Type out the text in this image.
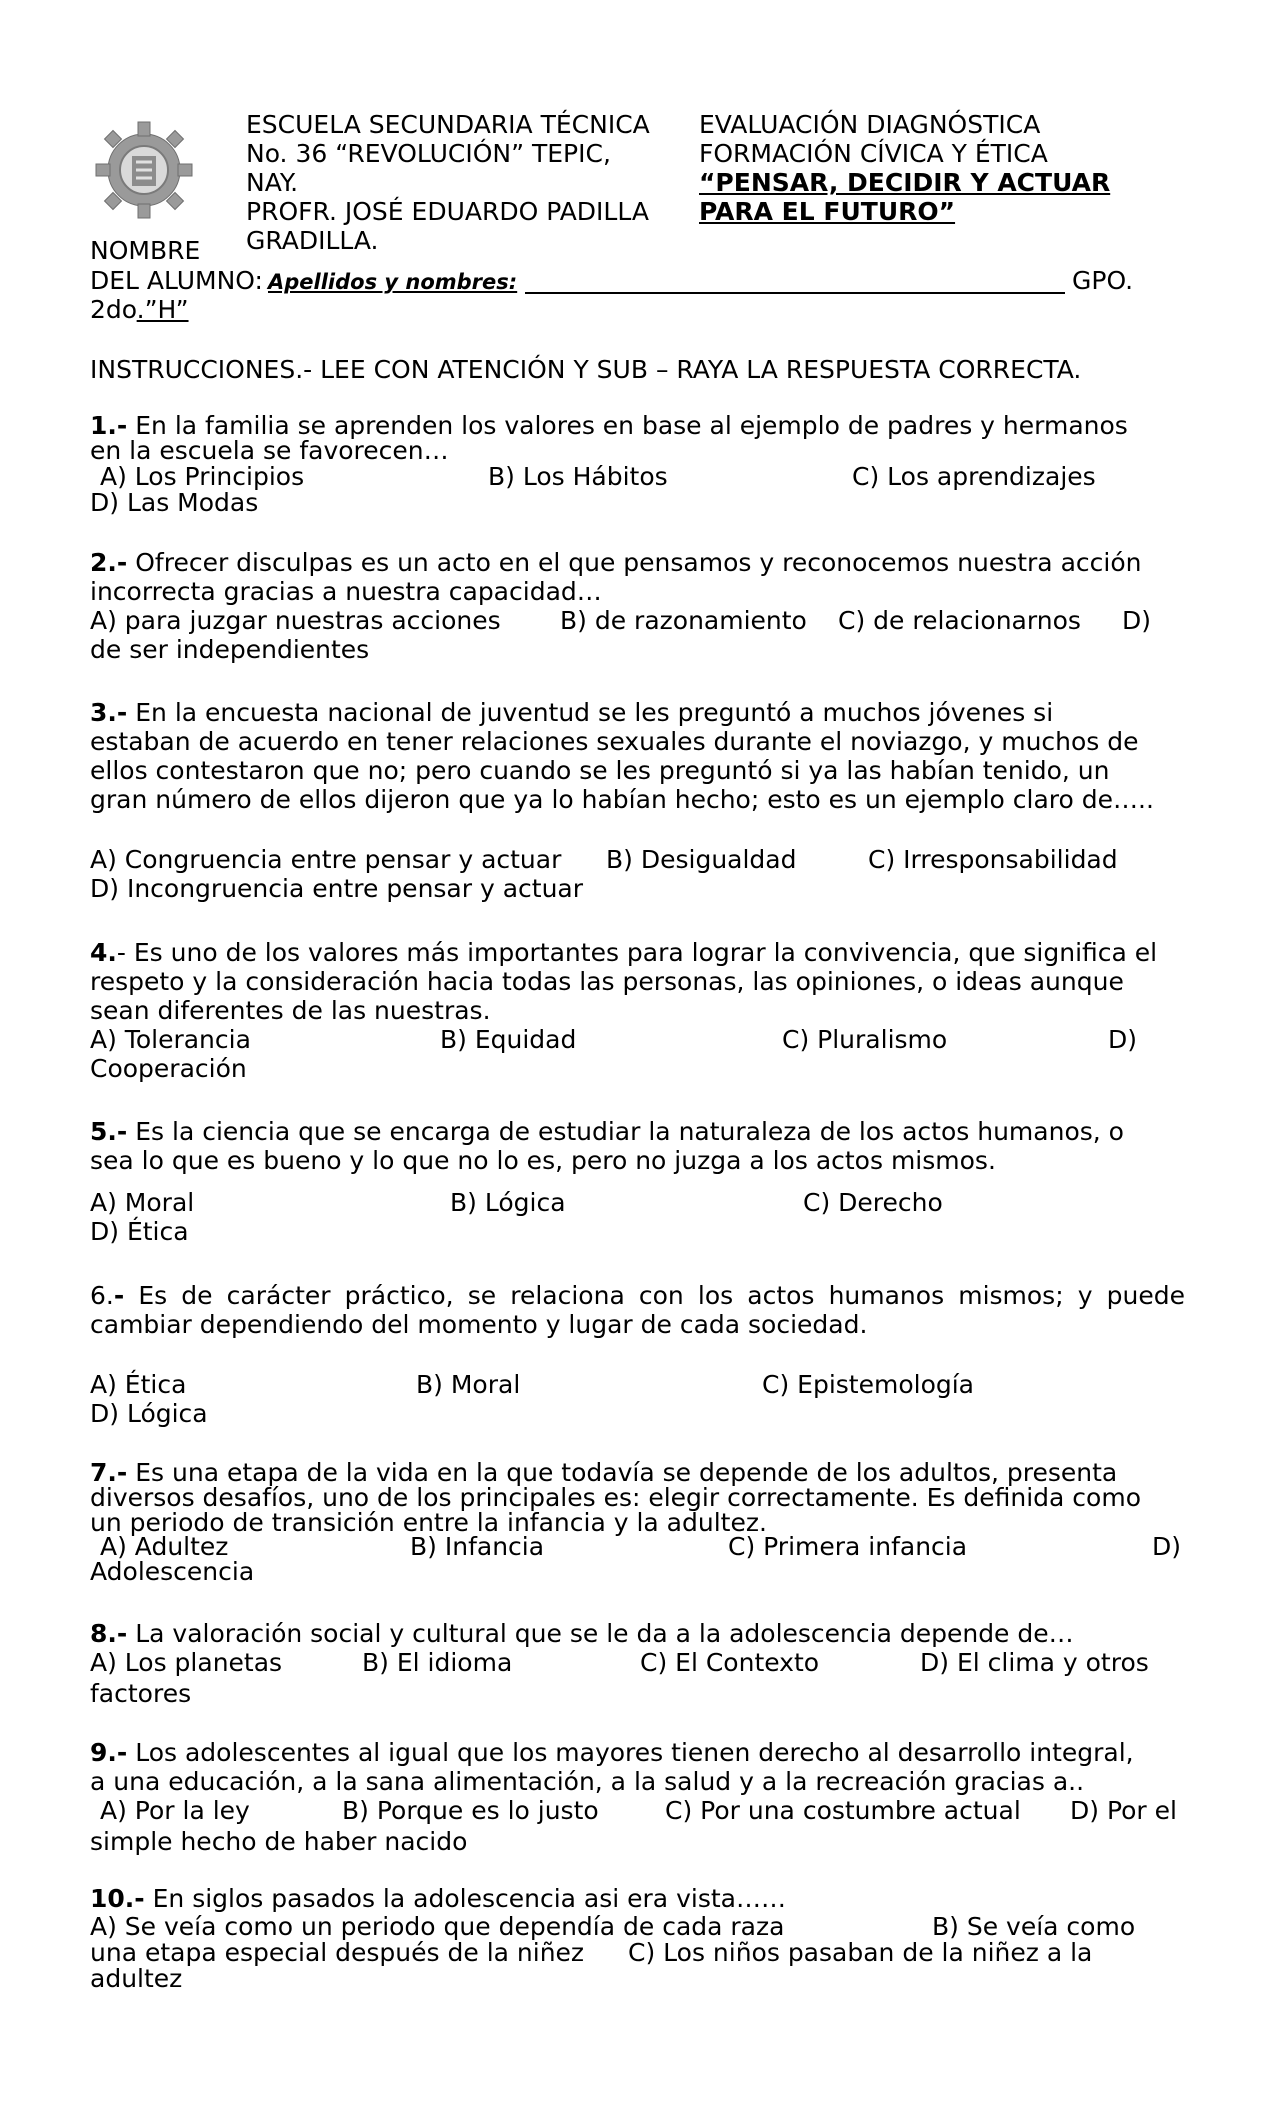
ESCUELA SECUNDARIA TÉCNICA
No. 36 “REVOLUCIÓN” TEPIC,
NAY.
PROFR. JOSÉ EDUARDO PADILLA
GRADILLA.
EVALUACIÓN DIAGNÓSTICA
FORMACIÓN CÍVICA Y ÉTICA
“PENSAR, DECIDIR Y ACTUAR
PARA EL FUTURO”
NOMBRE
DEL ALUMNO: Apellidos y nombres:	GPO.
2do.”H”
INSTRUCCIONES.- LEE CON ATENCIÓN Y SUB – RAYA LA RESPUESTA CORRECTA.

1.- En la familia se aprenden los valores en base al ejemplo de padres y hermanos

en la escuela se favorecen…

A) Los Principios	B) Los Hábitos	C) Los aprendizajes
D) Las Modas

2.- Ofrecer disculpas es un acto en el que pensamos y reconocemos nuestra acción

incorrecta gracias a nuestra capacidad…

A) para juzgar nuestras acciones B) de razonamiento C) de relacionarnos D)
de ser independientes

3.- En la encuesta nacional de juventud se les preguntó a muchos jóvenes si

estaban de acuerdo en tener relaciones sexuales durante el noviazgo, y muchos de

ellos contestaron que no; pero cuando se les preguntó si ya las habían tenido, un

gran número de ellos dijeron que ya lo habían hecho; esto es un ejemplo claro de…..

A) Congruencia entre pensar y actuar B) Desigualdad	C) Irresponsabilidad
D) Incongruencia entre pensar y actuar

4.- Es uno de los valores más importantes para lograr la convivencia, que significa el

respeto y la consideración hacia todas las personas, las opiniones, o ideas aunque

sean diferentes de las nuestras.

A) Tolerancia	B) Equidad	C) Pluralismo	D)
Cooperación

5.- Es la ciencia que se encarga de estudiar la naturaleza de los actos humanos, o

sea lo que es bueno y lo que no lo es, pero no juzga a los actos mismos.

A) Moral	B) Lógica	C) Derecho
D) Ética

6.- Es de carácter práctico, se relaciona con los actos humanos mismos; y puede

cambiar dependiendo del momento y lugar de cada sociedad.

A) Ética	B) Moral	C) Epistemología
D) Lógica

7.- Es una etapa de la vida en la que todavía se depende de los adultos, presenta

diversos desafíos, uno de los principales es: elegir correctamente. Es definida como

un periodo de transición entre la infancia y la adultez.

A) Adultez	B) Infancia	C) Primera infancia	D)
Adolescencia

8.- La valoración social y cultural que se le da a la adolescencia depende de…

A) Los planetas	B) El idioma	C) El Contexto	D) El clima y otros
factores

9.- Los adolescentes al igual que los mayores tienen derecho al desarrollo integral,

a una educación, a la sana alimentación, a la salud y a la recreación gracias a..

A) Por la ley	B) Porque es lo justo	C) Por una costumbre actual D) Por el
simple hecho de haber nacido

10.- En siglos pasados la adolescencia asi era vista……

A) Se veía como un periodo que dependía de cada raza	B) Se veía como
una etapa especial después de la niñez C) Los niños pasaban de la niñez a la
adultez
